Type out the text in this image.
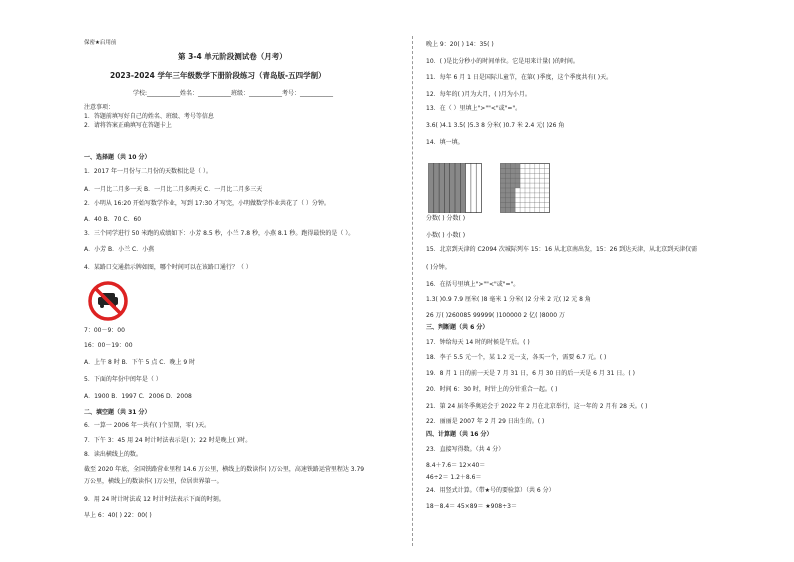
保密★启用前
第 3-4 单元阶段测试卷（月考）
2023-2024 学年三年级数学下册阶段练习（青岛版-五四学制）
学校:___________姓名：___________班级：___________考号：___________
注意事项：
1．答题前填写好自己的姓名、班级、考号等信息
2．请将答案正确填写在答题卡上
一、选择题（共 10 分）
1．2017 年一月份与二月份的天数相比是（ ）。
A．一月比二月多一天 B．一月比二月多两天 C．一月比二月多三天
2．小明从 16:20 开始写数学作业，写到 17:30 才写完，小明做数学作业共花了（ ）分钟。
A．40 B．70 C．60
3．三个同学进行 50 米跑的成绩如下：小芳 8.5 秒，小兰 7.8 秒，小燕 8.1 秒。跑得最快的是（ ）。
A．小芳 B．小兰 C．小燕
4．某路口交通指示牌如图，哪个时间可以在该路口通行？（ ）
7：00－9：00
16：00－19：00
A．上午 8 时 B．下午 5 点 C．晚上 9 时
5．下面的年份中闰年是（ ）
A．1900 B．1997 C．2006 D．2008
二、填空题（共 31 分）
6．一算一 2006 年一共有( )个星期，零( )天。
7．下午 3：45 用 24 时计时法表示是( )；22 时是晚上( )时。
8．读出横线上的数。
截至 2020 年底，全国铁路营业里程 14.6 万公里，横线上的数读作( )万公里，高速铁路运营里程达 3.79
万公里，横线上的数读作( )万公里，位居世界第一。
9．用 24 时计时法或 12 时计时法表示下面的时刻。
早上 6：40( ) 22：00( )
晚上 9：20( ) 14：35( )
10．( )是比分秒小的时间单位。它是用来计量( )的时间。
11．每年 6 月 1 日是国际儿童节，在第( )季度，这个季度共有( )天。
12．每年的( )月为大月，( )月为小月。
13．在（ ）里填上">""<"或"="。
3.6( )4.1 3.5( )5.3 8 分米( )0.7 米 2.4 元( )26 角
14．填一填。
分数( ) 分数( )
小数( ) 小数( )
15．北京到天津的 C2094 次城际列车 15：16 从北京南出发，15：26 到达天津，从北京到天津仅需
( )分钟。
16．在括号里填上">""<"或"="。
1.3( )0.9 7.9 厘米( )8 毫米 1 分米( )2 分米 2 元( )2 元 8 角
26 万( )260085 99999( )100000 2 亿( )8000 万
三、判断题（共 6 分）
17．钟给每天 14 时的时候是午后。( )
18．李子 5.5 元一个，某 1.2 元一支，各买一个，需要 6.7 元。( )
19．8 月 1 日的前一天是 7 月 31 日，6 月 30 日的后一天是 6 月 31 日。( )
20．时间 6：30 时，时针上的分针重合一起。( )
21．第 24 届冬季奥运会于 2022 年 2 月在北京举行，这一年的 2 月有 28 天。( )
22．丽丽是 2007 年 2 月 29 日出生的。( )
四、计算题（共 16 分）
23．直接写得数。（共 4 分）
8.4＋7.6＝ 12×40＝
46÷2＝ 1.2＋8.6＝
24．用竖式计算。（带★号的要验算）（共 6 分）
18－8.4＝ 45×89＝ ★908÷3＝
